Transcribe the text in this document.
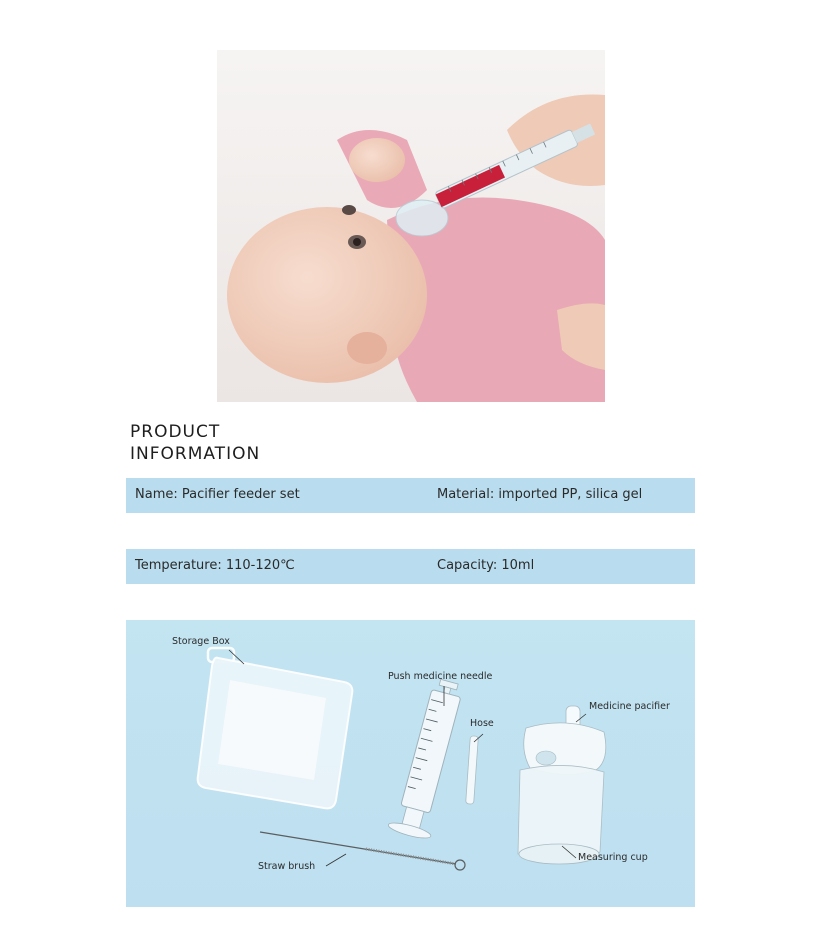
PRODUCT
INFORMATION
Name: Pacifier feeder set	Material: imported PP, silica gel
Temperature: 110-120℃	Capacity: 10ml
Storage Box
Push medicine needle
Hose
Medicine pacifier
Measuring cup
Straw brush
